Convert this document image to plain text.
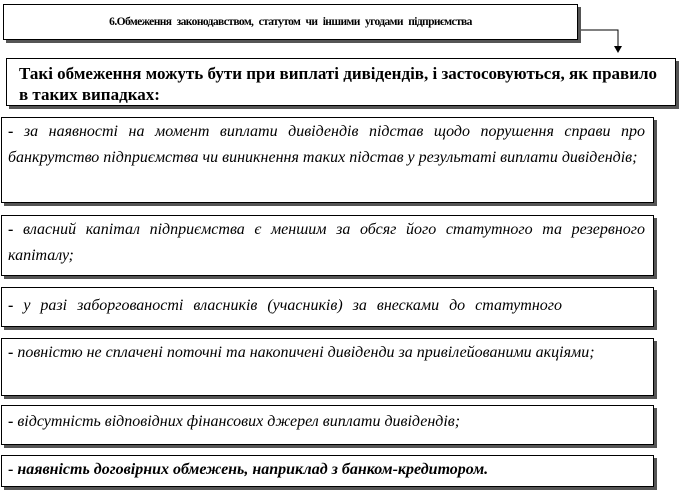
6.Обмеження законодавством, статутом чи іншими угодами підприємства
Такі обмеження можуть бути при виплаті дивідендів, і застосовуються, як правило в таких випадках:
- за наявності на момент виплати дивідендів підстав щодо порушення справи про банкрутство підприємства чи виникнення таких підстав у результаті виплати дивідендів;
- власний капітал підприємства є меншим за обсяг його статутного та резервного капіталу;
- у разі заборгованості власників (учасників) за внесками до статутного
- повністю не сплачені поточні та накопичені дивіденди за привілейованими акціями;
- відсутність відповідних фінансових джерел виплати дивідендів;
- наявність договірних обмежень, наприклад з банком-кредитором.
